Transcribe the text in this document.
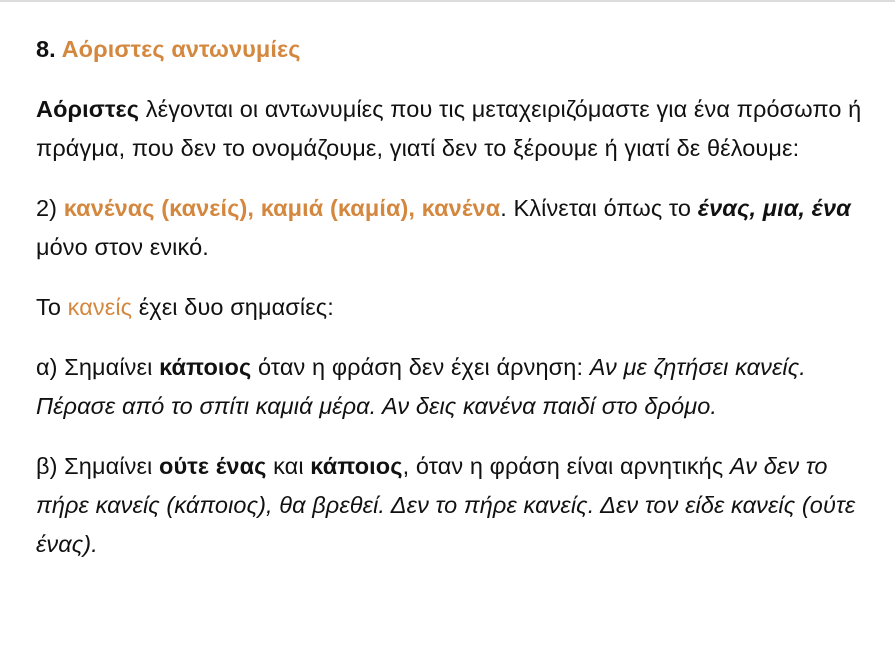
8. Αόριστες αντωνυμίες

Αόριστες λέγονται οι αντωνυμίες που τις μεταχειριζόμαστε για ένα πρόσωπο ή πράγμα, που δεν το ονομάζουμε, γιατί δεν το ξέρουμε ή γιατί δε θέλουμε:

2) κανένας (κανείς), καμιά (καμία), κανένα. Κλίνεται όπως το ένας, μια, ένα μόνο στον ενικό.

Το κανείς έχει δυο σημασίες:

α) Σημαίνει κάποιος όταν η φράση δεν έχει άρνηση: Αν με ζητήσει κανείς. Πέρασε από το σπίτι καμιά μέρα. Αν δεις κανένα παιδί στο δρόμο.

β) Σημαίνει ούτε ένας και κάποιος, όταν η φράση είναι αρνητικής Αν δεν το πήρε κανείς (κάποιος), θα βρεθεί. Δεν το πήρε κανείς. Δεν τον είδε κανείς (ούτε ένας).
